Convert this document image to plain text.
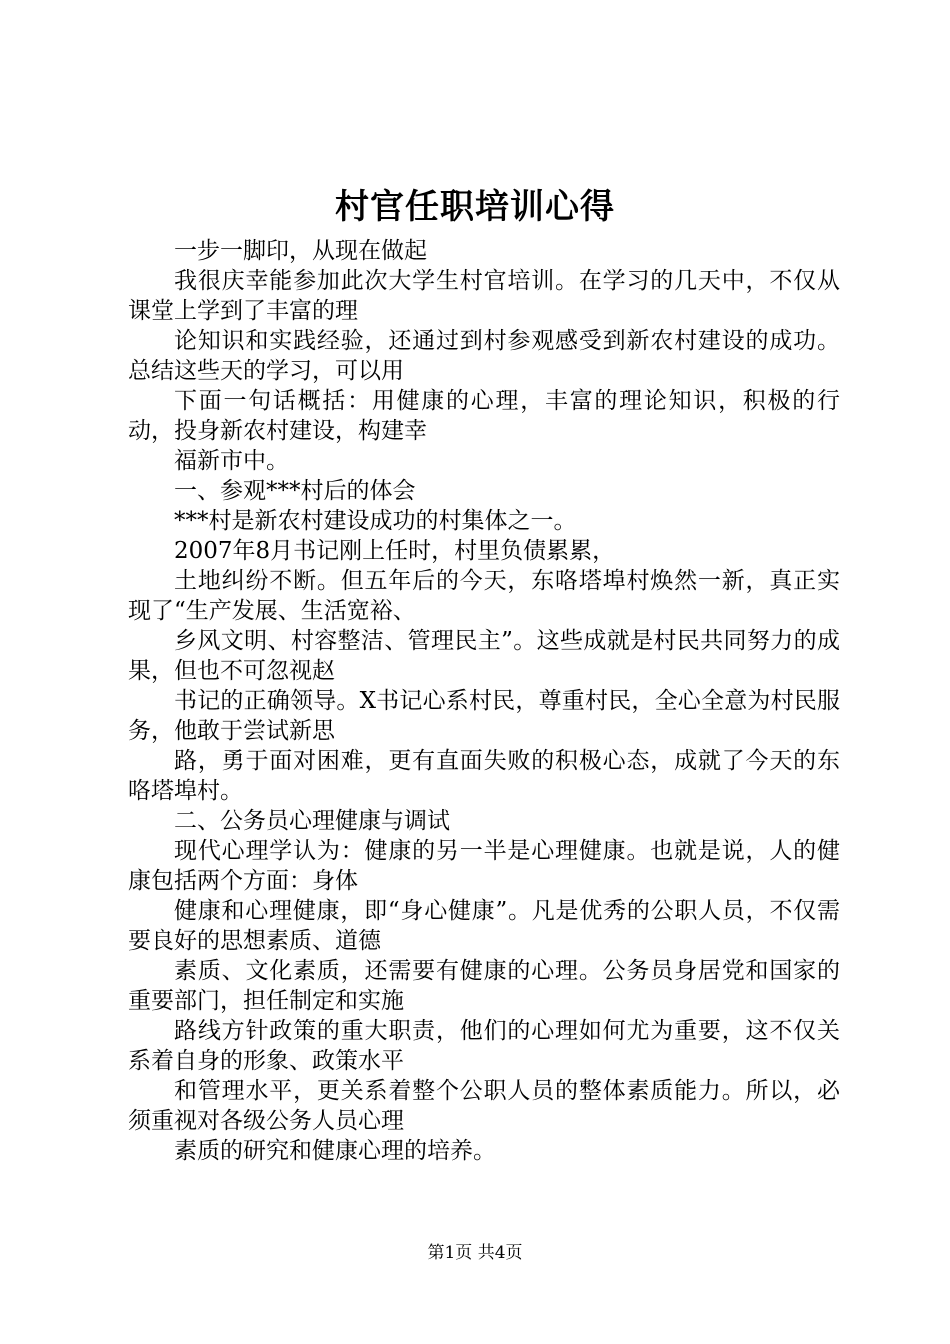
村官任职培训心得

一步一脚印，从现在做起

我很庆幸能参加此次大学生村官培训。在学习的几天中，不仅从课堂上学到了丰富的理

论知识和实践经验，还通过到村参观感受到新农村建设的成功。总结这些天的学习，可以用

下面一句话概括：用健康的心理，丰富的理论知识，积极的行动，投身新农村建设，构建幸

福新市中。

一、参观***村后的体会

***村是新农村建设成功的村集体之一。

2007年8月书记刚上任时，村里负债累累，

土地纠纷不断。但五年后的今天，东咯塔埠村焕然一新，真正实现了“生产发展、生活宽裕、

乡风文明、村容整洁、管理民主”。这些成就是村民共同努力的成果，但也不可忽视赵

书记的正确领导。X书记心系村民，尊重村民，全心全意为村民服务，他敢于尝试新思

路，勇于面对困难，更有直面失败的积极心态，成就了今天的东咯塔埠村。

二、公务员心理健康与调试

现代心理学认为：健康的另一半是心理健康。也就是说，人的健康包括两个方面：身体

健康和心理健康，即“身心健康”。凡是优秀的公职人员，不仅需要良好的思想素质、道德

素质、文化素质，还需要有健康的心理。公务员身居党和国家的重要部门，担任制定和实施

路线方针政策的重大职责，他们的心理如何尤为重要，这不仅关系着自身的形象、政策水平

和管理水平，更关系着整个公职人员的整体素质能力。所以，必须重视对各级公务人员心理

素质的研究和健康心理的培养。

第1页 共4页
